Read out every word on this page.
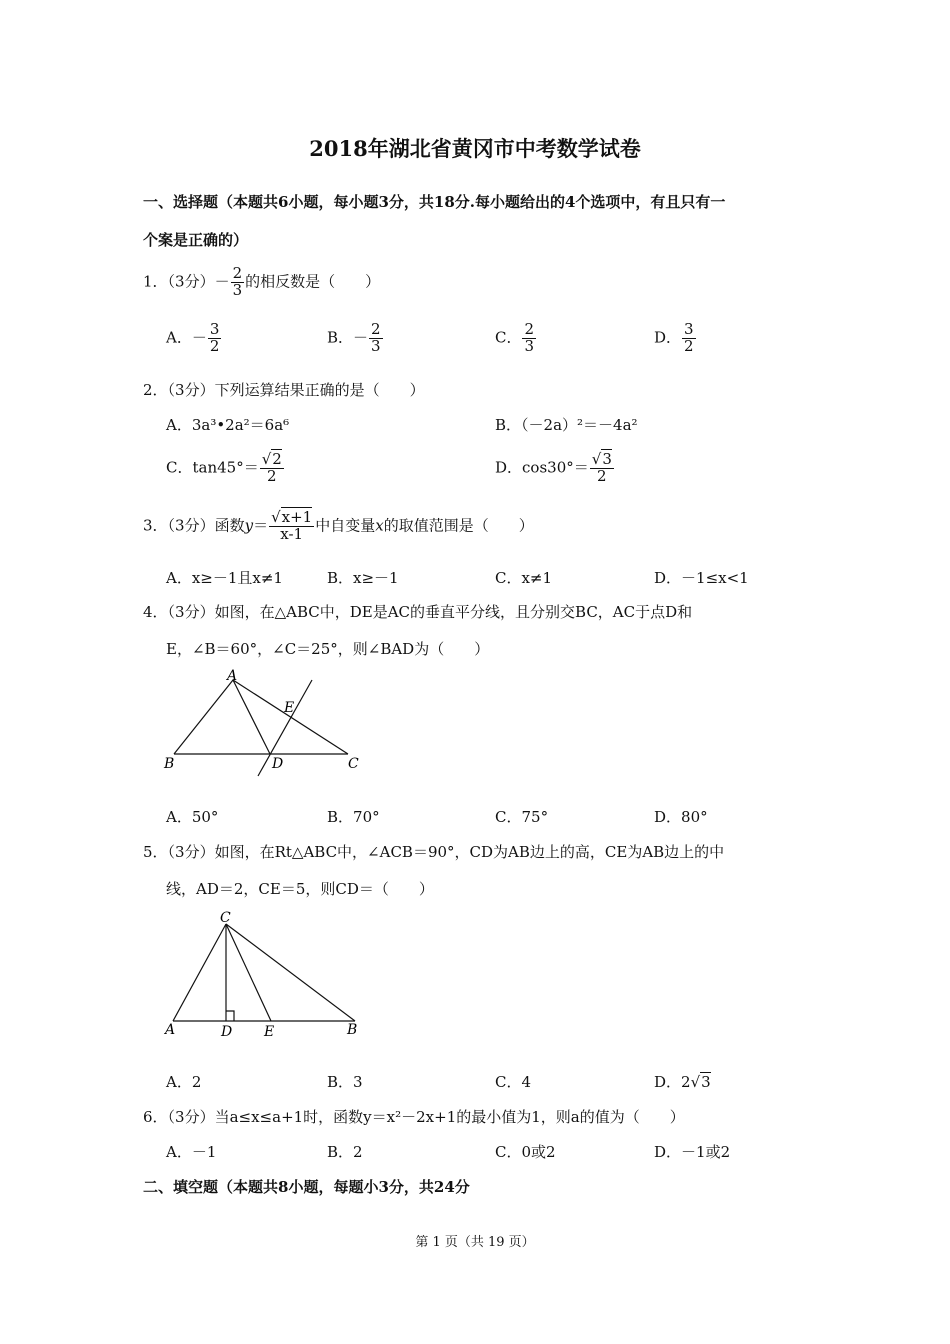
2018年湖北省黄冈市中考数学试卷
一、选择题（本题共6小题，每小题3分，共18分.每小题给出的4个选项中，有且只有一
个案是正确的）
1．（3分）－ $\frac{2}{3}$ 的相反数是（　　）
A．－ $\frac{3}{2}$	B．－ $\frac{2}{3}$	C． $\frac{2}{3}$	D． $\frac{3}{2}$
2．（3分）下列运算结果正确的是（　　）
A．3a³•2a²＝6a⁶	B．（－2a）²＝－4a²
C．$\tan 45^\circ= \frac{√2}{2}$	D．$\cos 30^\circ= \frac{√3}{2}$
3．（3分）函数$y= \frac{√x+1}{x-1}$ 中自变量x的取值范围是（　　）
A．x≥－1且x≠1	B．x≥－1	C．x≠1	D．－1≤x<1
4．（3分）如图，在△ABC中，DE是AC的垂直平分线，且分别交BC，AC于点D和
E，∠B＝60°，∠C＝25°，则∠BAD为（　　）
A
B	C
D
E
A．50°	B．70°	C．75°	D．80°
5．（3分）如图，在Rt△ABC中，∠ACB＝90°，CD为AB边上的高，CE为AB边上的中
线，AD＝2，CE＝5，则CD＝（　　）
C
A	D E	B
A．2	B．3	C．4	D．2√3
6．（3分）当a≤x≤a+1时，函数y＝x²－2x+1的最小值为1，则a的值为（　　）
A．－1	B．2	C．0或2	D．－1或2
二、填空题（本题共8小题，每题小3分，共24分
第 1 页（共 19 页）
